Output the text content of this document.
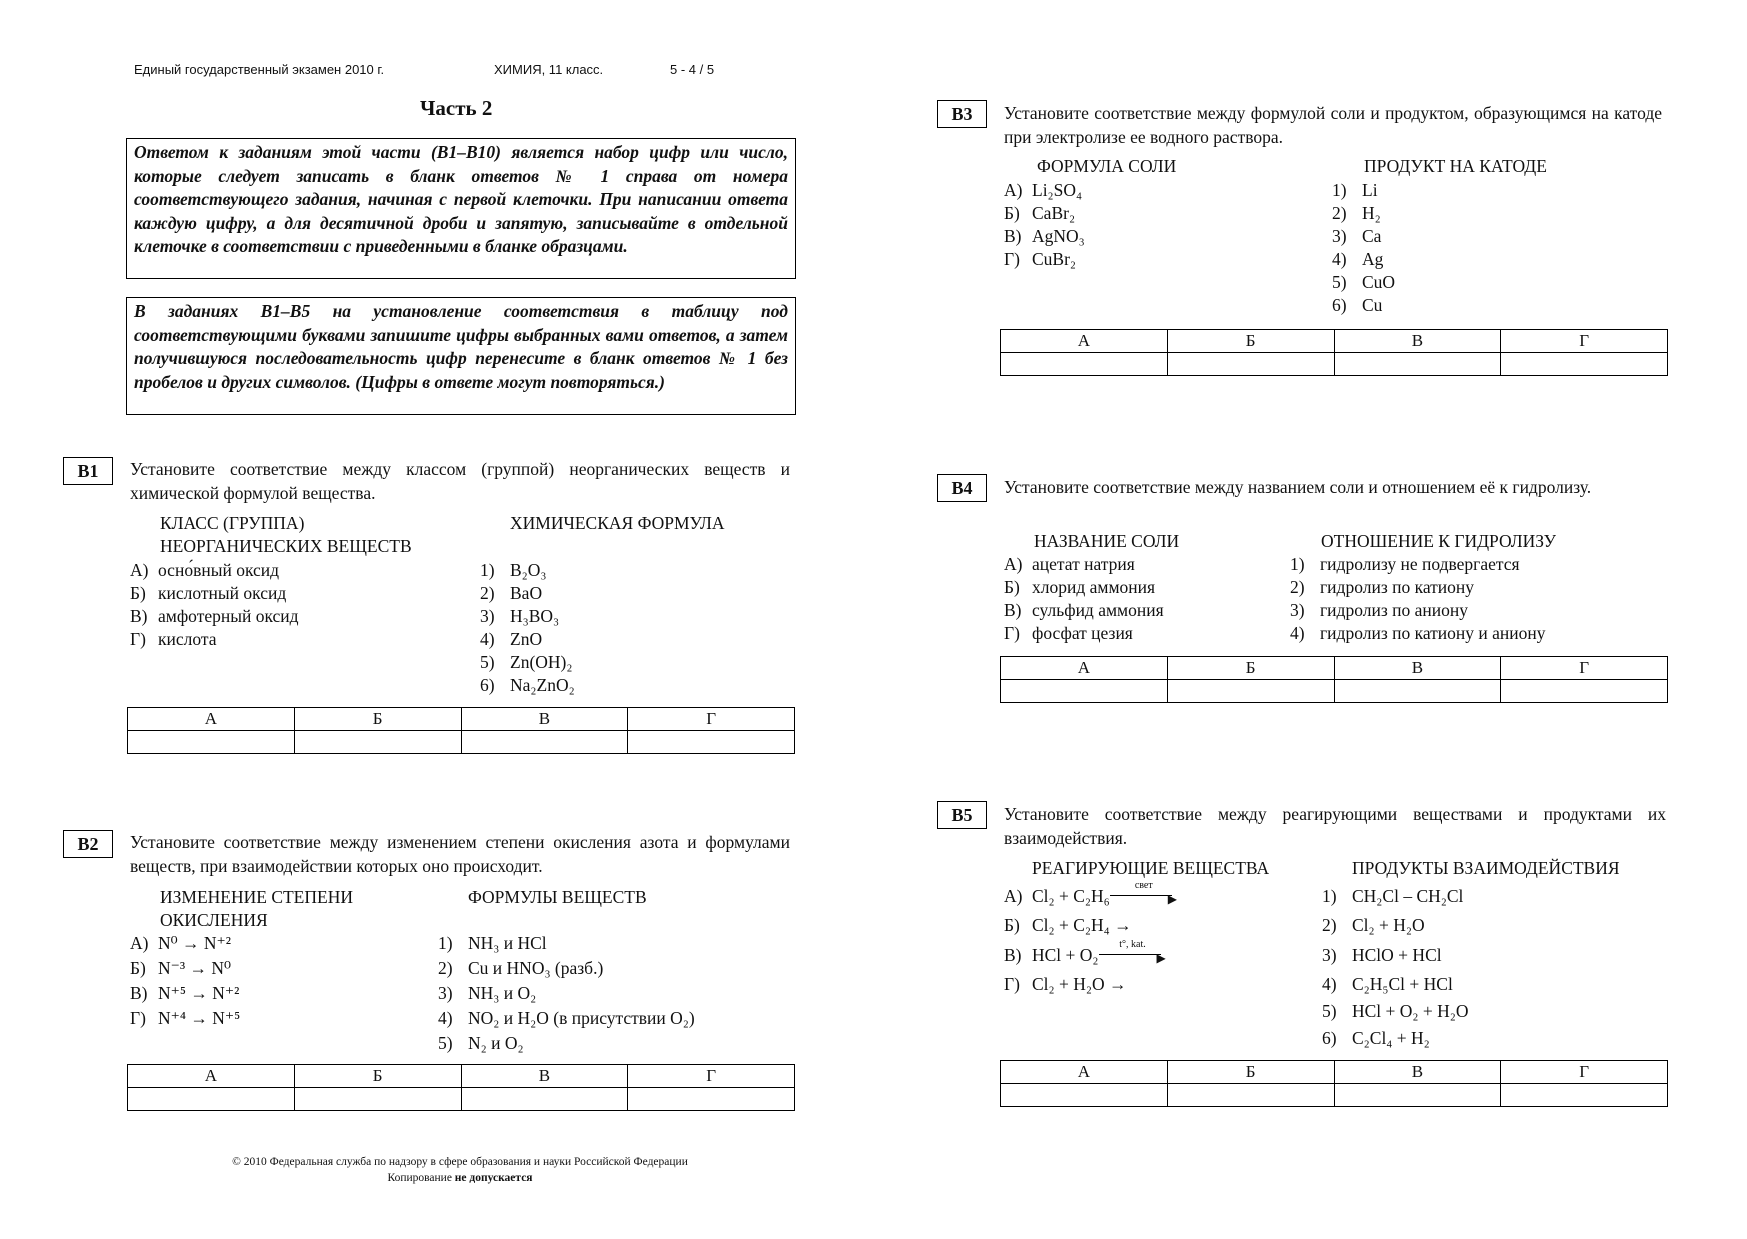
Единый государственный экзамен 2010 г.	ХИМИЯ, 11 класс.	5 - 4 / 5
Часть 2
Ответом к заданиям этой части (В1–В10) является набор цифр или число, которые следует записать в бланк ответов № 1 справа от номера соответствующего задания, начиная с первой клеточки. При написании ответа каждую цифру, а для десятичной дроби и запятую, записывайте в отдельной клеточке в соответствии с приведенными в бланке образцами.
В заданиях В1–В5 на установление соответствия в таблицу под соответствующими буквами запишите цифры выбранных вами ответов, а затем получившуюся последовательность цифр перенесите в бланк ответов № 1 без пробелов и других символов. (Цифры в ответе могут повторяться.)
В1	Установите соответствие между классом (группой) неорганических веществ и химической формулой вещества.
КЛАСС (ГРУППА)
НЕОРГАНИЧЕСКИХ ВЕЩЕСТВ
ХИМИЧЕСКАЯ ФОРМУЛА
А) осно́вный оксид
Б) кислотный оксид
В) амфотерный оксид
Г) кислота
1) B₂O₃
2) BaO
3) H₃BO₃
4) ZnO
5) Zn(OH)₂
6) Na₂ZnO₂
А	Б	В	Г

В2	Установите соответствие между изменением степени окисления азота и формулами веществ, при взаимодействии которых оно происходит.
ИЗМЕНЕНИЕ СТЕПЕНИ
ОКИСЛЕНИЯ
ФОРМУЛЫ ВЕЩЕСТВ
А) N⁰ → N⁺²
Б) N⁻³ → N⁰
В) N⁺⁵ → N⁺²
Г) N⁺⁴ → N⁺⁵
1) NH₃ и HCl
2) Cu и HNO₃ (разб.)
3) NH₃ и O₂
4) NO₂ и H₂O (в присутствии O₂)
5) N₂ и O₂
А	Б	В	Г

© 2010 Федеральная служба по надзору в сфере образования и науки Российской Федерации
Копирование не допускается
В3	Установите соответствие между формулой соли и продуктом, образующимся на катоде при электролизе ее водного раствора.
ФОРМУЛА СОЛИ	ПРОДУКТ НА КАТОДЕ
А) Li₂SO₄
Б) CaBr₂
В) AgNO₃
Г) CuBr₂
1) Li
2) H₂
3) Ca
4) Ag
5) CuO
6) Cu
А	Б	В	Г

В4	Установите соответствие между названием соли и отношением её к гидролизу.
НАЗВАНИЕ СОЛИ	ОТНОШЕНИЕ К ГИДРОЛИЗУ
А) ацетат натрия
Б) хлорид аммония
В) сульфид аммония
Г) фосфат цезия
1) гидролизу не подвергается
2) гидролиз по катиону
3) гидролиз по аниону
4) гидролиз по катиону и аниону
А	Б	В	Г

В5	Установите соответствие между реагирующими веществами и продуктами их взаимодействия.
РЕАГИРУЮЩИЕ ВЕЩЕСТВА	ПРОДУКТЫ ВЗАИМОДЕЙСТВИЯ
А) Cl₂ + C₂H₆
свет
▶
Б) Cl₂ + C₂H₄ →
В) HCl + O₂
t°, kat.
▶
Г) Cl₂ + H₂O →
1) CH₂Cl – CH₂Cl
2) Cl₂ + H₂O
3) HClO + HCl
4) C₂H₅Cl + HCl
5) HCl + O₂ + H₂O
6) C₂Cl₄ + H₂
А	Б	В	Г
